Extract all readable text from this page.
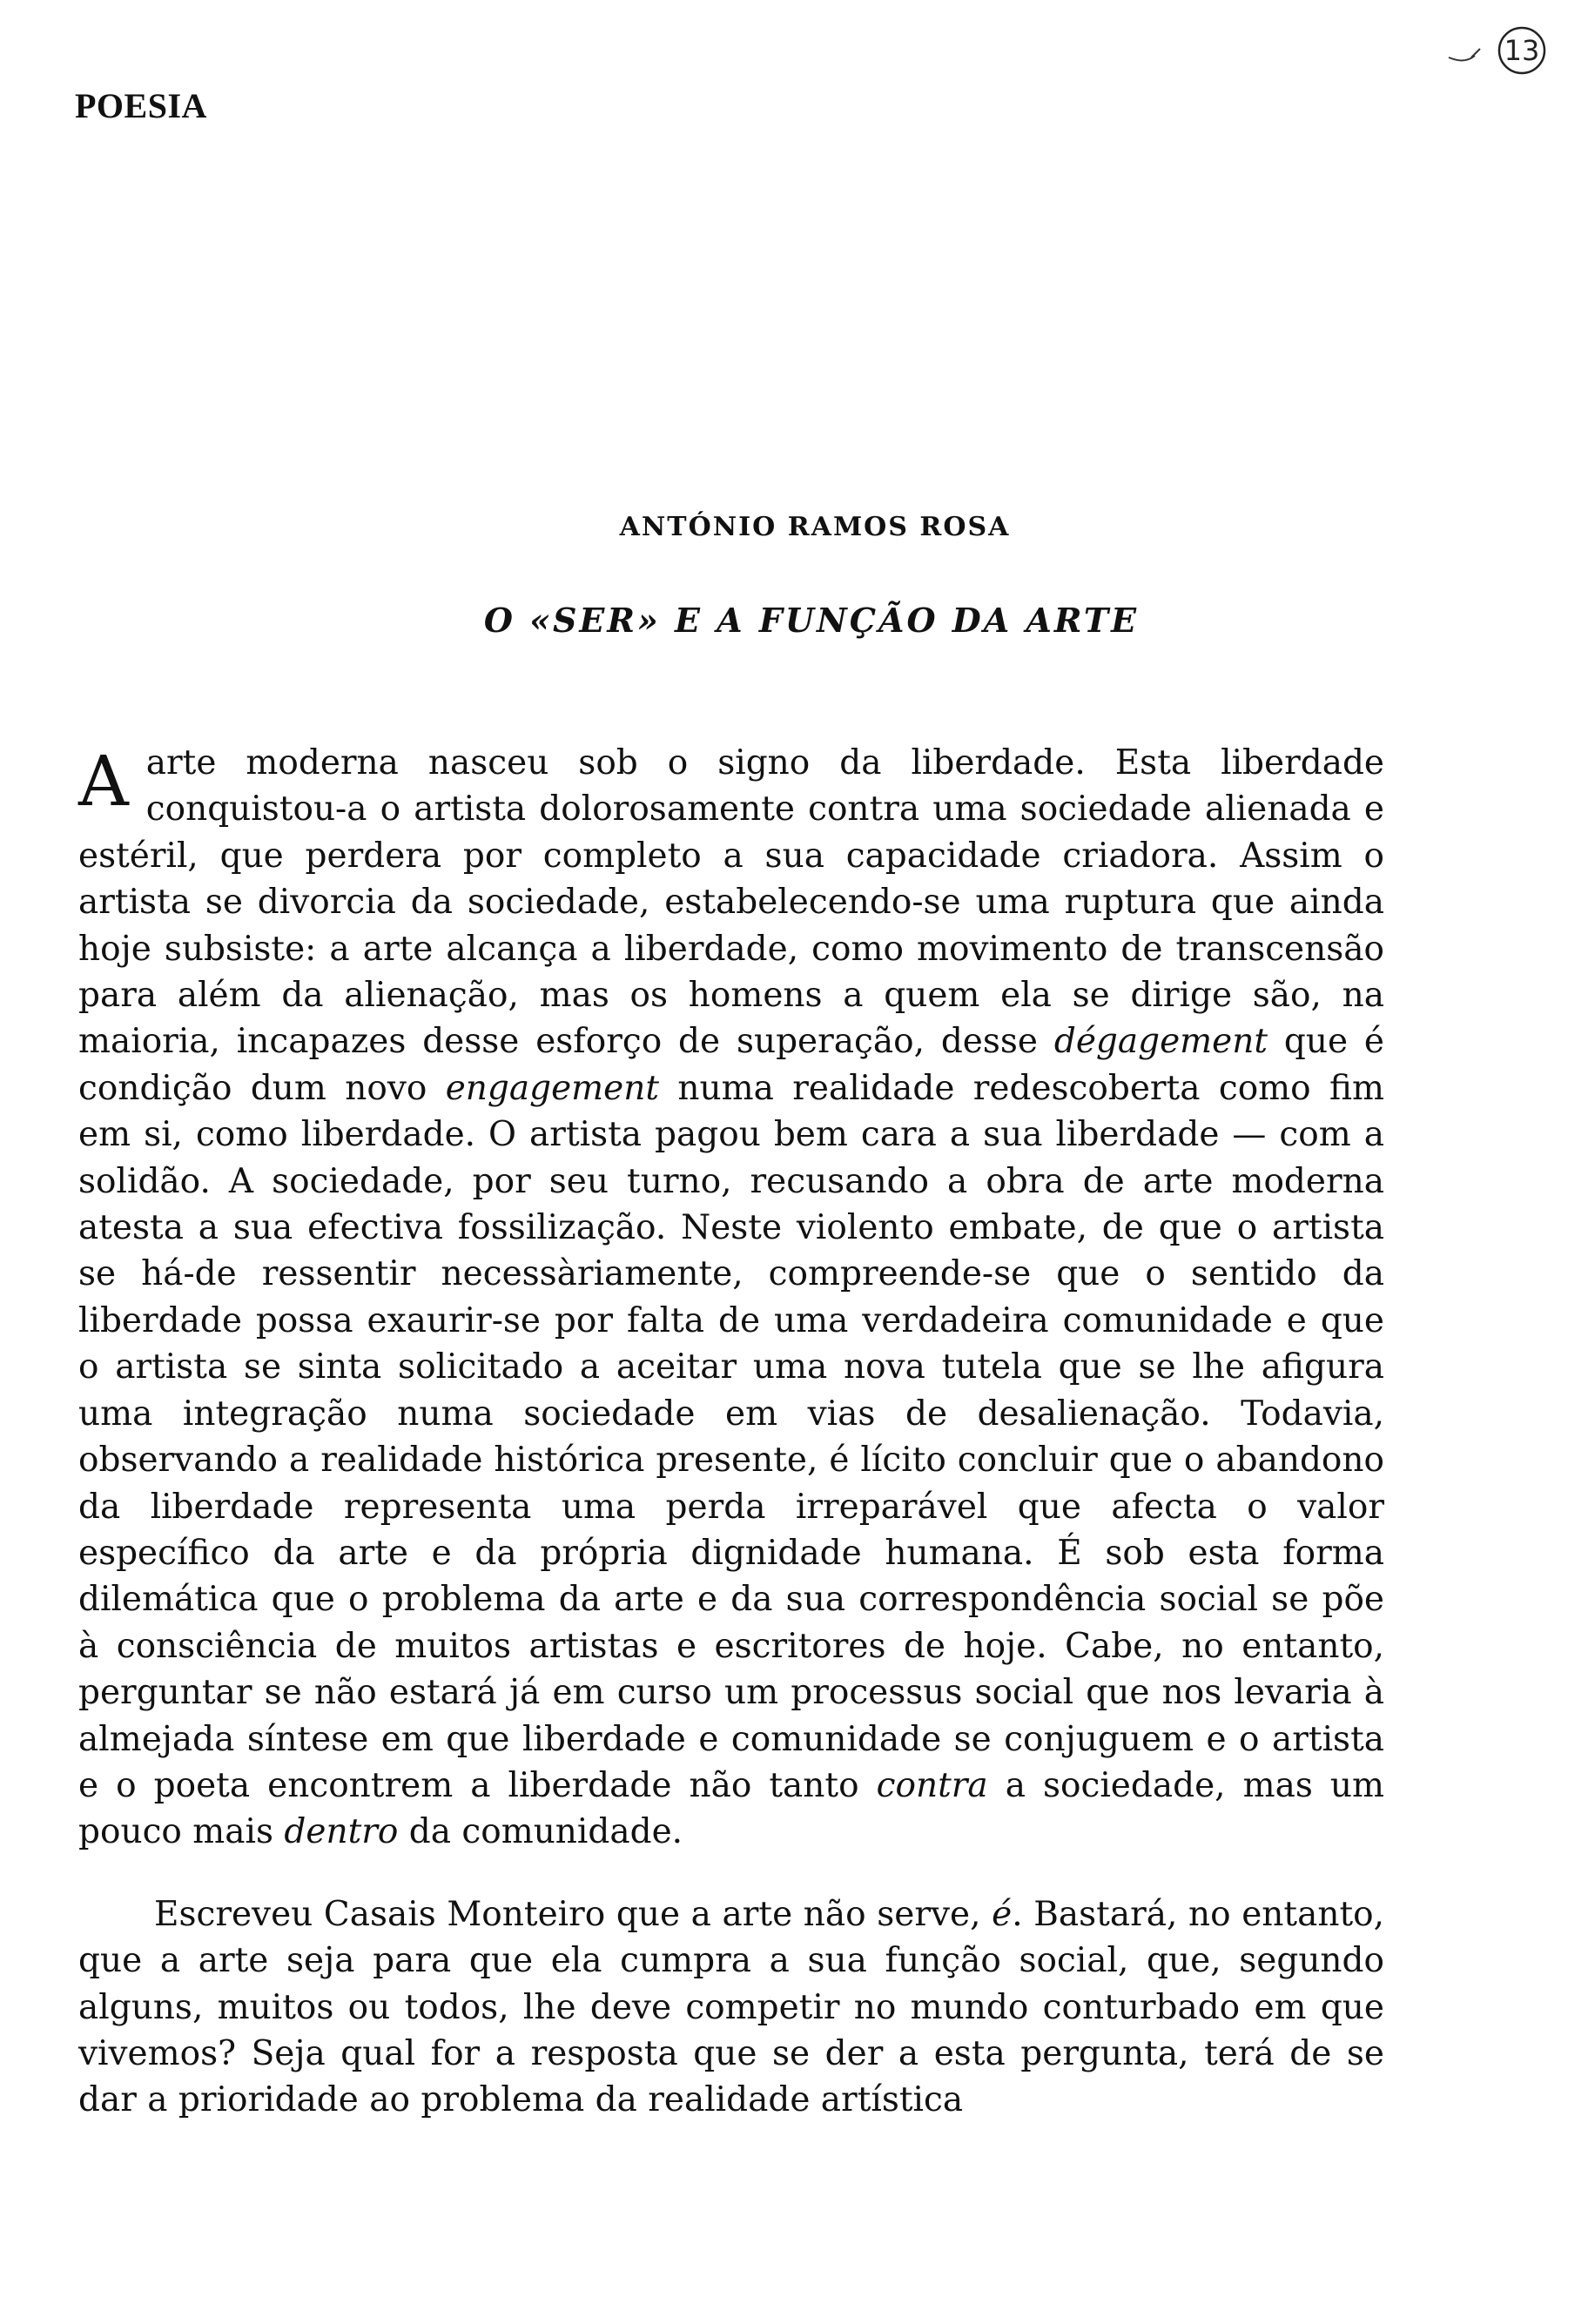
POESIA
13
ANTÓNIO RAMOS ROSA
O «SER» E A FUNÇÃO DA ARTE

Aarte moderna nasceu sob o signo da liberdade. Esta liberdade conquistou-a o artista dolorosamente contra uma sociedade alienada e estéril, que perdera por completo a sua capacidade criadora. Assim o artista se divorcia da sociedade, estabelecendo-se uma ruptura que ainda hoje subsiste: a arte alcança a liberdade, como movimento de transcensão para além da alienação, mas os homens a quem ela se dirige são, na maioria, incapazes desse esforço de superação, desse dégagement que é condição dum novo engagement numa realidade redescoberta como fim em si, como liberdade. O artista pagou bem cara a sua liberdade — com a solidão. A sociedade, por seu turno, recusando a obra de arte moderna atesta a sua efectiva fossilização. Neste violento embate, de que o artista se há-de ressentir necessàriamente, compreende-se que o sentido da liberdade possa exaurir-se por falta de uma verdadeira comunidade e que o artista se sinta solicitado a aceitar uma nova tutela que se lhe afigura uma integração numa sociedade em vias de desalienação. Todavia, observando a realidade histórica presente, é lícito concluir que o abandono da liberdade representa uma perda irreparável que afecta o valor específico da arte e da própria dignidade humana. É sob esta forma dilemática que o problema da arte e da sua correspondência social se põe à consciência de muitos artistas e escritores de hoje. Cabe, no entanto, perguntar se não estará já em curso um processus social que nos levaria à almejada síntese em que liberdade e comunidade se conjuguem e o artista e o poeta encontrem a liberdade não tanto contra a sociedade, mas um pouco mais dentro da comunidade.

Escreveu Casais Monteiro que a arte não serve, é. Bastará, no entanto, que a arte seja para que ela cumpra a sua função social, que, segundo alguns, muitos ou todos, lhe deve competir no mundo conturbado em que vivemos? Seja qual for a resposta que se der a esta pergunta, terá de se dar a prioridade ao problema da realidade artística
